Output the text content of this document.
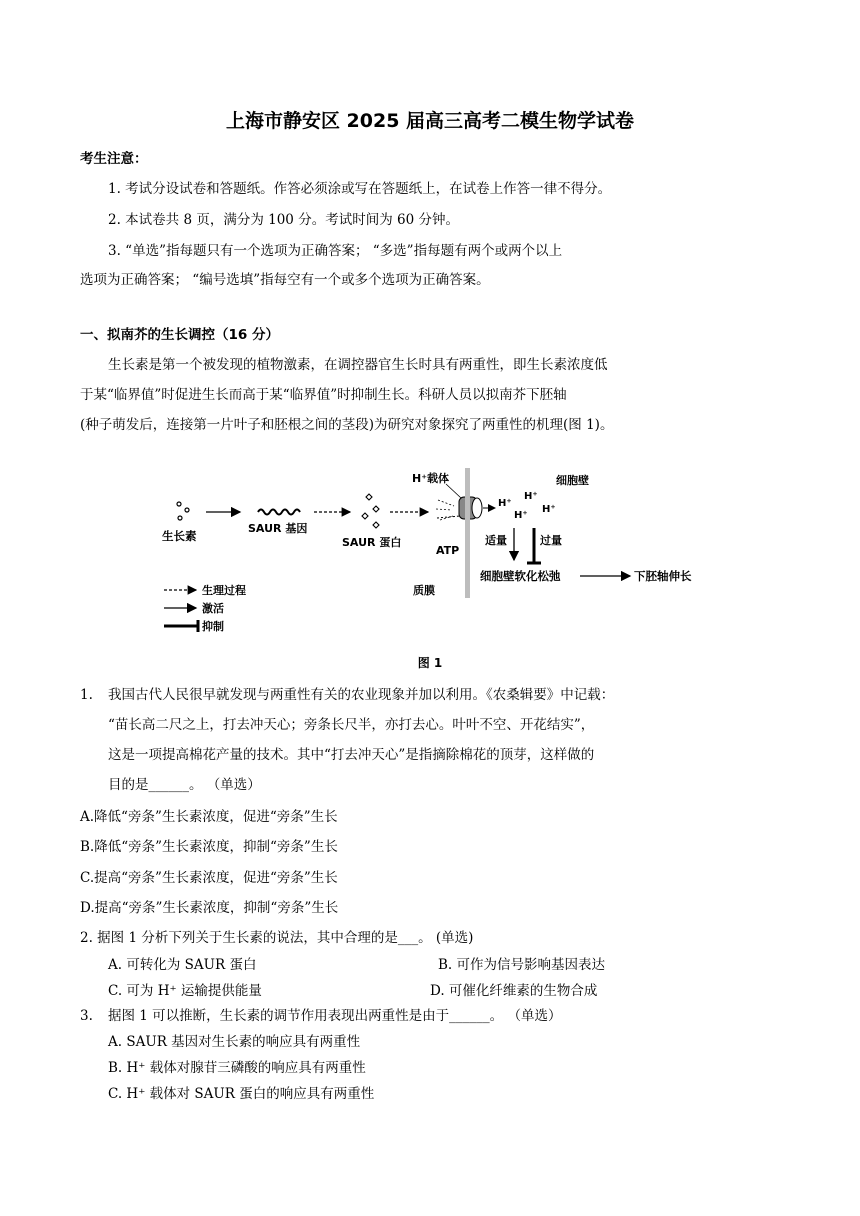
上海市静安区 2025 届高三高考二模生物学试卷
考生注意：
1. 考试分设试卷和答题纸。作答必须涂或写在答题纸上，在试卷上作答一律不得分。
2. 本试卷共 8 页，满分为 100 分。考试时间为 60 分钟。
3. “单选”指每题只有一个选项为正确答案； “多选”指每题有两个或两个以上
选项为正确答案； “编号选填”指每空有一个或多个选项为正确答案。
一、拟南芥的生长调控（16 分）
生长素是第一个被发现的植物激素，在调控器官生长时具有两重性，即生长素浓度低
于某“临界值”时促进生长而高于某“临界值”时抑制生长。科研人员以拟南芥下胚轴
(种子萌发后，连接第一片叶子和胚根之间的茎段)为研究对象探究了两重性的机理(图 1)。
生长素
SAUR 基因
SAUR 蛋白
H⁺载体
ATP
质膜
H⁺
H⁺
H⁺
H⁺
细胞壁
适量	过量
细胞壁软化松弛	下胚轴伸长
生理过程
激活
抑制
图 1
1. 我国古代人民很早就发现与两重性有关的农业现象并加以利用。《农桑辑要》中记载：
“苗长高二尺之上，打去冲天心；旁条长尺半，亦打去心。叶叶不空、开花结实”，
这是一项提高棉花产量的技术。其中“打去冲天心”是指摘除棉花的顶芽，这样做的
目的是______。 （单选）
A.降低“旁条”生长素浓度，促进“旁条”生长
B.降低“旁条”生长素浓度，抑制“旁条”生长
C.提高“旁条”生长素浓度，促进“旁条”生长
D.提高“旁条”生长素浓度，抑制“旁条”生长
2. 据图 1 分析下列关于生长素的说法，其中合理的是___。 (单选)
A. 可转化为 SAUR 蛋白	B. 可作为信号影响基因表达
C. 可为 H⁺ 运输提供能量	D. 可催化纤维素的生物合成
3. 据图 1 可以推断，生长素的调节作用表现出两重性是由于______。 （单选）
A. SAUR 基因对生长素的响应具有两重性
B. H⁺ 载体对腺苷三磷酸的响应具有两重性
C. H⁺ 载体对 SAUR 蛋白的响应具有两重性
